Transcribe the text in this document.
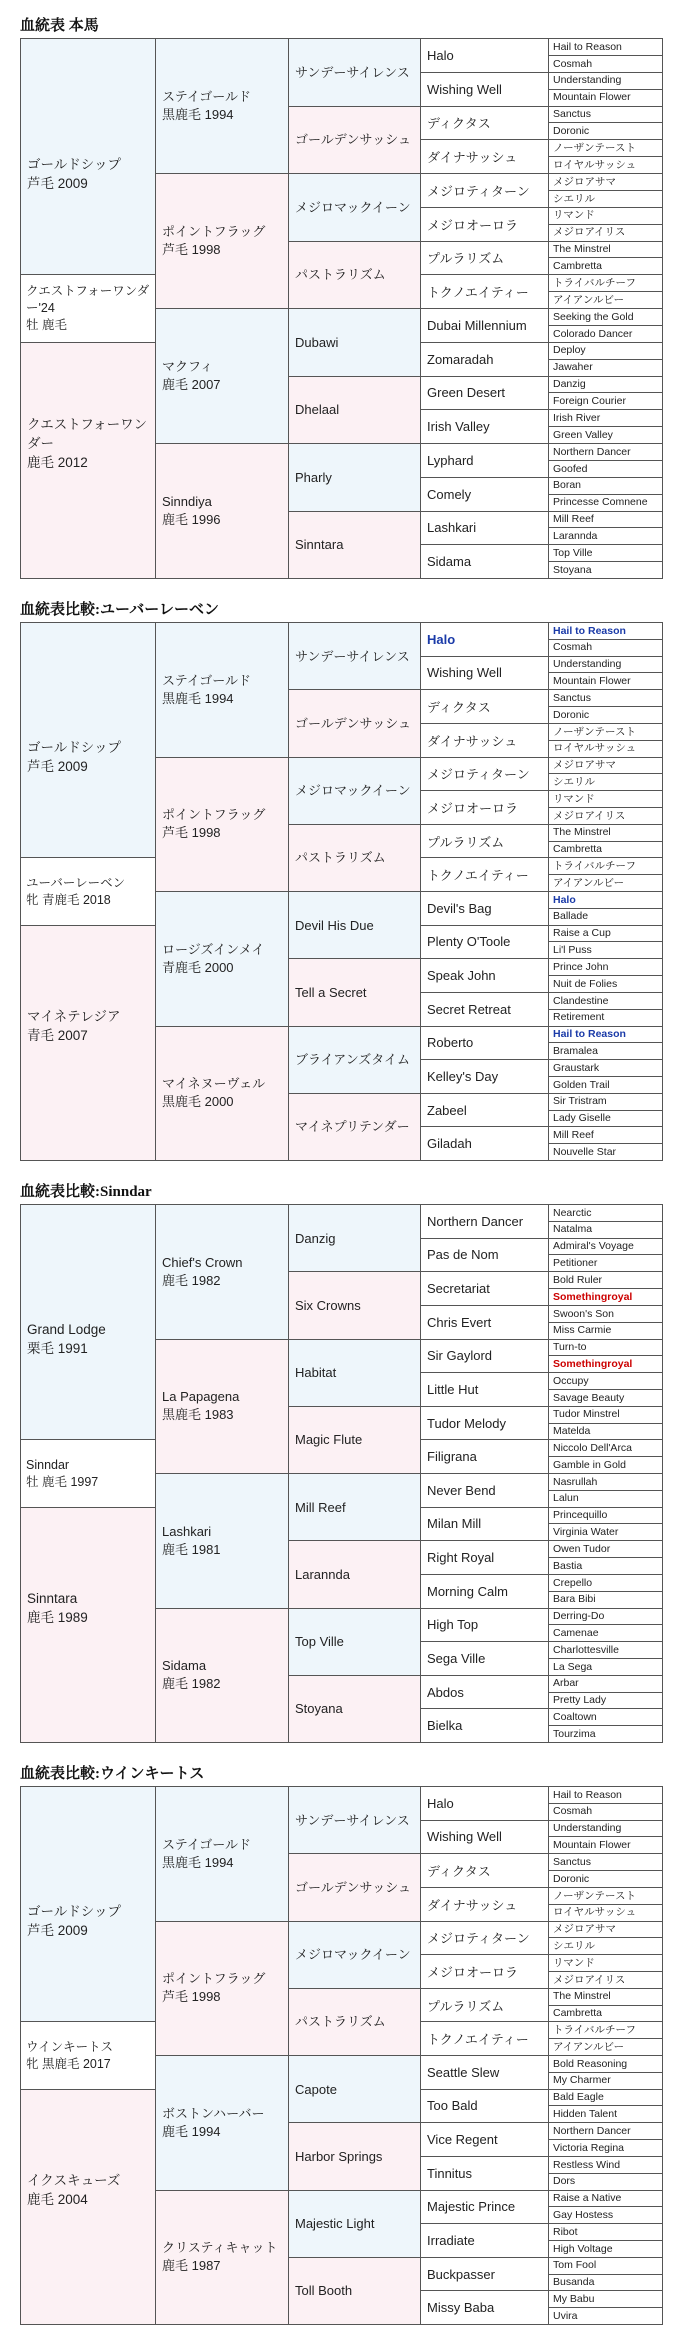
血統表 本馬
ゴールドシップ
芦毛 2009
クエストフォーワンダー
鹿毛 2012
クエストフォーワンダー'24
牡 鹿毛
ステイゴールド
黒鹿毛 1994
ポイントフラッグ
芦毛 1998
マクフィ
鹿毛 2007
Sinndiya
鹿毛 1996
サンデーサイレンス
ゴールデンサッシュ
メジロマックイーン
パストラリズム
Dubawi
Dhelaal
Pharly
Sinntara
Halo
Wishing Well
ディクタス
ダイナサッシュ
メジロティターン
メジロオーロラ
プルラリズム
トクノエイティー
Dubai Millennium
Zomaradah
Green Desert
Irish Valley
Lyphard
Comely
Lashkari
Sidama
Hail to Reason
Cosmah
Understanding
Mountain Flower
Sanctus
Doronic
ノーザンテースト
ロイヤルサッシュ
メジロアサマ
シエリル
リマンド
メジロアイリス
The Minstrel
Cambretta
トライバルチーフ
アイアンルビー
Seeking the Gold
Colorado Dancer
Deploy
Jawaher
Danzig
Foreign Courier
Irish River
Green Valley
Northern Dancer
Goofed
Boran
Princesse Comnene
Mill Reef
Larannda
Top Ville
Stoyana
血統表比較:ユーバーレーベン
ゴールドシップ
芦毛 2009
マイネテレジア
青毛 2007
ユーバーレーベン
牝 青鹿毛 2018
ステイゴールド
黒鹿毛 1994
ポイントフラッグ
芦毛 1998
ロージズインメイ
青鹿毛 2000
マイネヌーヴェル
黒鹿毛 2000
サンデーサイレンス
ゴールデンサッシュ
メジロマックイーン
パストラリズム
Devil His Due
Tell a Secret
ブライアンズタイム
マイネプリテンダー
Halo
Wishing Well
ディクタス
ダイナサッシュ
メジロティターン
メジロオーロラ
プルラリズム
トクノエイティー
Devil's Bag
Plenty O'Toole
Speak John
Secret Retreat
Roberto
Kelley's Day
Zabeel
Giladah
Hail to Reason
Cosmah
Understanding
Mountain Flower
Sanctus
Doronic
ノーザンテースト
ロイヤルサッシュ
メジロアサマ
シエリル
リマンド
メジロアイリス
The Minstrel
Cambretta
トライバルチーフ
アイアンルビー
Halo
Ballade
Raise a Cup
Li'l Puss
Prince John
Nuit de Folies
Clandestine
Retirement
Hail to Reason
Bramalea
Graustark
Golden Trail
Sir Tristram
Lady Giselle
Mill Reef
Nouvelle Star
血統表比較:Sinndar
Grand Lodge
栗毛 1991
Sinntara
鹿毛 1989
Sinndar
牡 鹿毛 1997
Chief's Crown
鹿毛 1982
La Papagena
黒鹿毛 1983
Lashkari
鹿毛 1981
Sidama
鹿毛 1982
Danzig
Six Crowns
Habitat
Magic Flute
Mill Reef
Larannda
Top Ville
Stoyana
Northern Dancer
Pas de Nom
Secretariat
Chris Evert
Sir Gaylord
Little Hut
Tudor Melody
Filigrana
Never Bend
Milan Mill
Right Royal
Morning Calm
High Top
Sega Ville
Abdos
Bielka
Nearctic
Natalma
Admiral's Voyage
Petitioner
Bold Ruler
Somethingroyal
Swoon's Son
Miss Carmie
Turn-to
Somethingroyal
Occupy
Savage Beauty
Tudor Minstrel
Matelda
Niccolo Dell'Arca
Gamble in Gold
Nasrullah
Lalun
Princequillo
Virginia Water
Owen Tudor
Bastia
Crepello
Bara Bibi
Derring-Do
Camenae
Charlottesville
La Sega
Arbar
Pretty Lady
Coaltown
Tourzima
血統表比較:ウインキートス
ゴールドシップ
芦毛 2009
イクスキューズ
鹿毛 2004
ウインキートス
牝 黒鹿毛 2017
ステイゴールド
黒鹿毛 1994
ポイントフラッグ
芦毛 1998
ボストンハーバー
鹿毛 1994
クリスティキャット
鹿毛 1987
サンデーサイレンス
ゴールデンサッシュ
メジロマックイーン
パストラリズム
Capote
Harbor Springs
Majestic Light
Toll Booth
Halo
Wishing Well
ディクタス
ダイナサッシュ
メジロティターン
メジロオーロラ
プルラリズム
トクノエイティー
Seattle Slew
Too Bald
Vice Regent
Tinnitus
Majestic Prince
Irradiate
Buckpasser
Missy Baba
Hail to Reason
Cosmah
Understanding
Mountain Flower
Sanctus
Doronic
ノーザンテースト
ロイヤルサッシュ
メジロアサマ
シエリル
リマンド
メジロアイリス
The Minstrel
Cambretta
トライバルチーフ
アイアンルビー
Bold Reasoning
My Charmer
Bald Eagle
Hidden Talent
Northern Dancer
Victoria Regina
Restless Wind
Dors
Raise a Native
Gay Hostess
Ribot
High Voltage
Tom Fool
Busanda
My Babu
Uvira
